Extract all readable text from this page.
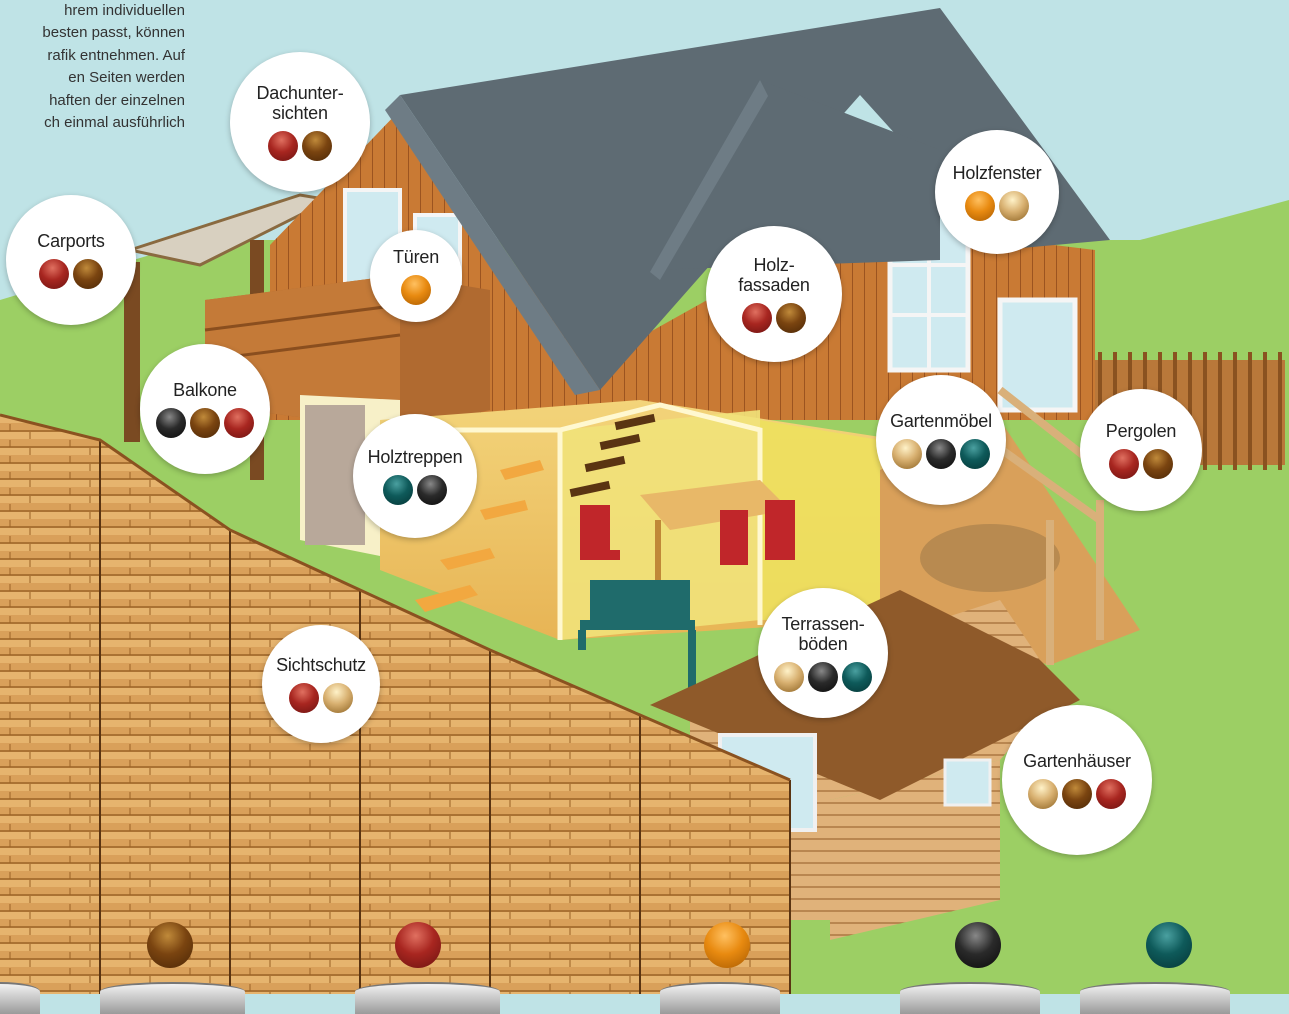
hrem individuellen
besten passt, können
rafik entnehmen. Auf
en Seiten werden
haften der einzelnen
ch einmal ausführlich
Dachunter-
sichten
Carports
Türen	Holz-
fassaden
Holzfenster
Balkone
Holztreppen
Gartenmöbel	Pergolen
Terrassen-
böden
Sichtschutz
Gartenhäuser
